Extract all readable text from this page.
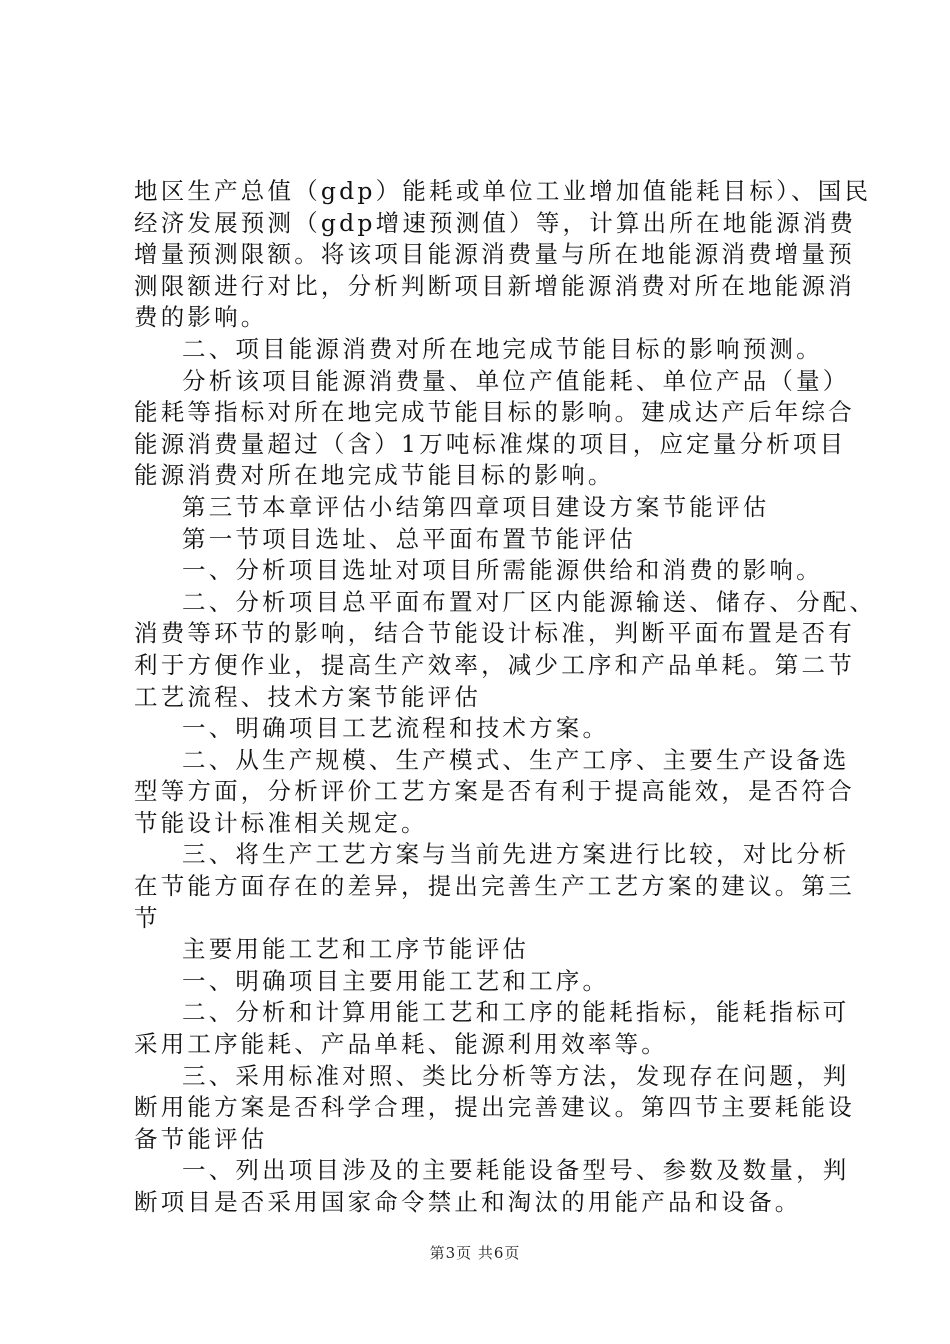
地区生产总值（gdp）能耗或单位工业增加值能耗目标）、国民
经济发展预测（gdp增速预测值）等，计算出所在地能源消费
增量预测限额。将该项目能源消费量与所在地能源消费增量预
测限额进行对比，分析判断项目新增能源消费对所在地能源消
费的影响。
二、项目能源消费对所在地完成节能目标的影响预测。
分析该项目能源消费量、单位产值能耗、单位产品（量）
能耗等指标对所在地完成节能目标的影响。建成达产后年综合
能源消费量超过（含）1万吨标准煤的项目，应定量分析项目
能源消费对所在地完成节能目标的影响。
第三节本章评估小结第四章项目建设方案节能评估
第一节项目选址、总平面布置节能评估
一、分析项目选址对项目所需能源供给和消费的影响。
二、分析项目总平面布置对厂区内能源输送、储存、分配、
消费等环节的影响，结合节能设计标准，判断平面布置是否有
利于方便作业，提高生产效率，减少工序和产品单耗。第二节
工艺流程、技术方案节能评估
一、明确项目工艺流程和技术方案。
二、从生产规模、生产模式、生产工序、主要生产设备选
型等方面，分析评价工艺方案是否有利于提高能效，是否符合
节能设计标准相关规定。
三、将生产工艺方案与当前先进方案进行比较，对比分析
在节能方面存在的差异，提出完善生产工艺方案的建议。第三
节
主要用能工艺和工序节能评估
一、明确项目主要用能工艺和工序。
二、分析和计算用能工艺和工序的能耗指标，能耗指标可
采用工序能耗、产品单耗、能源利用效率等。
三、采用标准对照、类比分析等方法，发现存在问题，判
断用能方案是否科学合理，提出完善建议。第四节主要耗能设
备节能评估
一、列出项目涉及的主要耗能设备型号、参数及数量，判
断项目是否采用国家命令禁止和淘汰的用能产品和设备。
第3页 共6页
